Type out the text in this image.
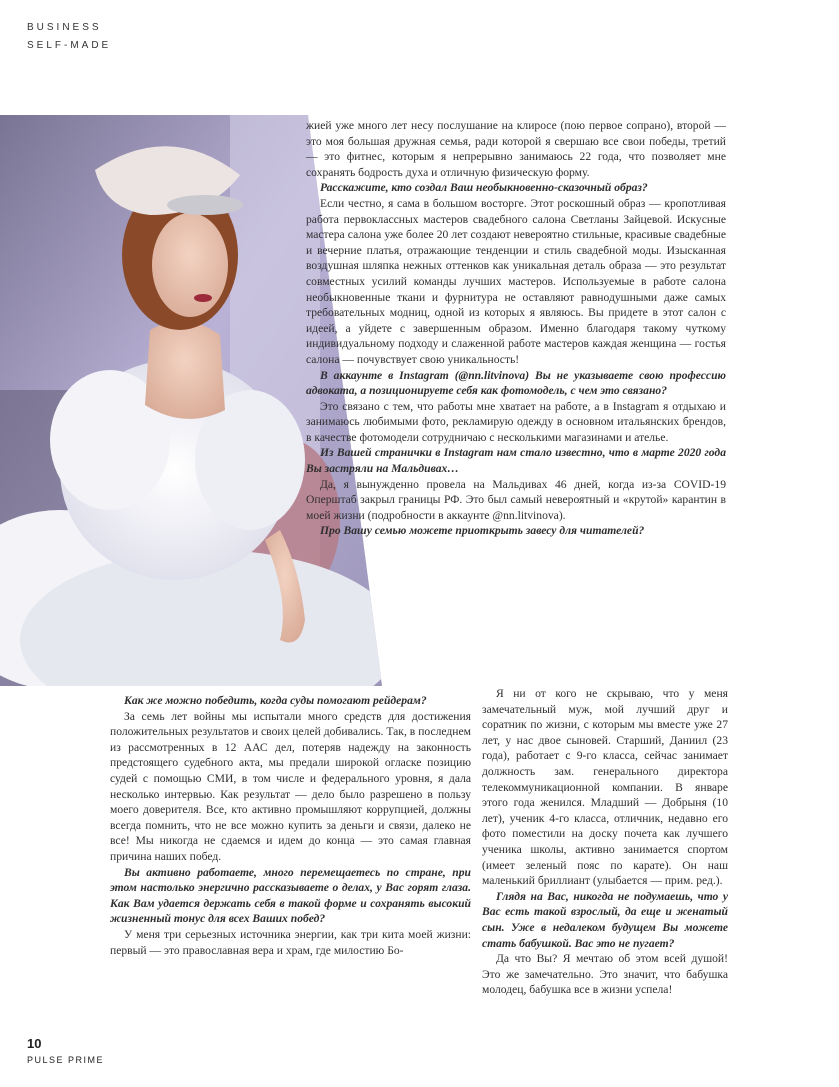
BUSINESS
SELF-MADE

жией уже много лет несу послушание на клиросе (пою первое сопрано), второй — это моя большая дружная семья, ради которой я свершаю все свои победы, третий — это фитнес, которым я непрерывно занимаюсь 22 года, что позволяет мне сохранять бодрость духа и отличную физическую форму.

Расскажите, кто создал Ваш необыкновенно-сказочный образ?

Если честно, я сама в большом восторге. Этот роскошный образ — кропотливая работа первоклассных мастеров свадебного салона Светланы Зайцевой. Искусные мастера салона уже более 20 лет создают невероятно стильные, красивые свадебные и вечерние платья, отражающие тенденции и стиль свадебной моды. Изысканная воздушная шляпка нежных оттенков как уникальная деталь образа — это результат совместных усилий команды лучших мастеров. Используемые в работе салона необыкновенные ткани и фурнитура не оставляют равнодушными даже самых требовательных модниц, одной из которых я являюсь. Вы придете в этот салон с идеей, а уйдете с завершенным образом. Именно благодаря такому чуткому индивидуальному подходу и слаженной работе мастеров каждая женщина — гостья салона — почувствует свою уникальность!

В аккаунте в Instagram (@nn.litvinova) Вы не указываете свою профессию адвоката, а позиционируете себя как фотомодель, с чем это связано?

Это связано с тем, что работы мне хватает на работе, а в Instagram я отдыхаю и занимаюсь любимыми фото, рекламирую одежду в основном итальянских брендов, в качестве фотомодели сотрудничаю с несколькими магазинами и ателье.

Из Вашей странички в Instagram нам стало известно, что в марте 2020 года Вы застряли на Мальдивах…

Да, я вынужденно провела на Мальдивах 46 дней, когда из-за COVID-19 Оперштаб закрыл границы РФ. Это был самый невероятный и «крутой» карантин в моей жизни (подробности в аккаунте @nn.litvinova).

Про Вашу семью можете приоткрыть завесу для читателей?

Как же можно победить, когда суды помогают рейдерам?

За семь лет войны мы испытали много средств для достижения положительных результатов и своих целей добивались. Так, в последнем из рассмотренных в 12 ААС дел, потеряв надежду на законность предстоящего судебного акта, мы предали широкой огласке позицию судей с помощью СМИ, в том числе и федерального уровня, я дала несколько интервью. Как результат — дело было разрешено в пользу моего доверителя. Все, кто активно промышляют коррупцией, должны всегда помнить, что не все можно купить за деньги и связи, далеко не все! Мы никогда не сдаемся и идем до конца — это самая главная причина наших побед.

Вы активно работаете, много перемещаетесь по стране, при этом настолько энергично рассказываете о делах, у Вас горят глаза. Как Вам удается держать себя в такой форме и сохранять высокий жизненный тонус для всех Ваших побед?

У меня три серьезных источника энергии, как три кита моей жизни: первый — это православная вера и храм, где милостию Бо-

Я ни от кого не скрываю, что у меня замечательный муж, мой лучший друг и соратник по жизни, с которым мы вместе уже 27 лет, у нас двое сыновей. Старший, Даниил (23 года), работает с 9-го класса, сейчас занимает должность зам. генерального директора телекоммуникационной компании. В январе этого года женился. Младший — Добрыня (10 лет), ученик 4-го класса, отличник, недавно его фото поместили на доску почета как лучшего ученика школы, активно занимается спортом (имеет зеленый пояс по карате). Он наш маленький бриллиант (улыбается — прим. ред.).

Глядя на Вас, никогда не подумаешь, что у Вас есть такой взрослый, да еще и женатый сын. Уже в недалеком будущем Вы можете стать бабушкой. Вас это не пугает?

Да что Вы? Я мечтаю об этом всей душой! Это же замечательно. Это значит, что бабушка молодец, бабушка все в жизни успела!

10
PULSE PRIME
